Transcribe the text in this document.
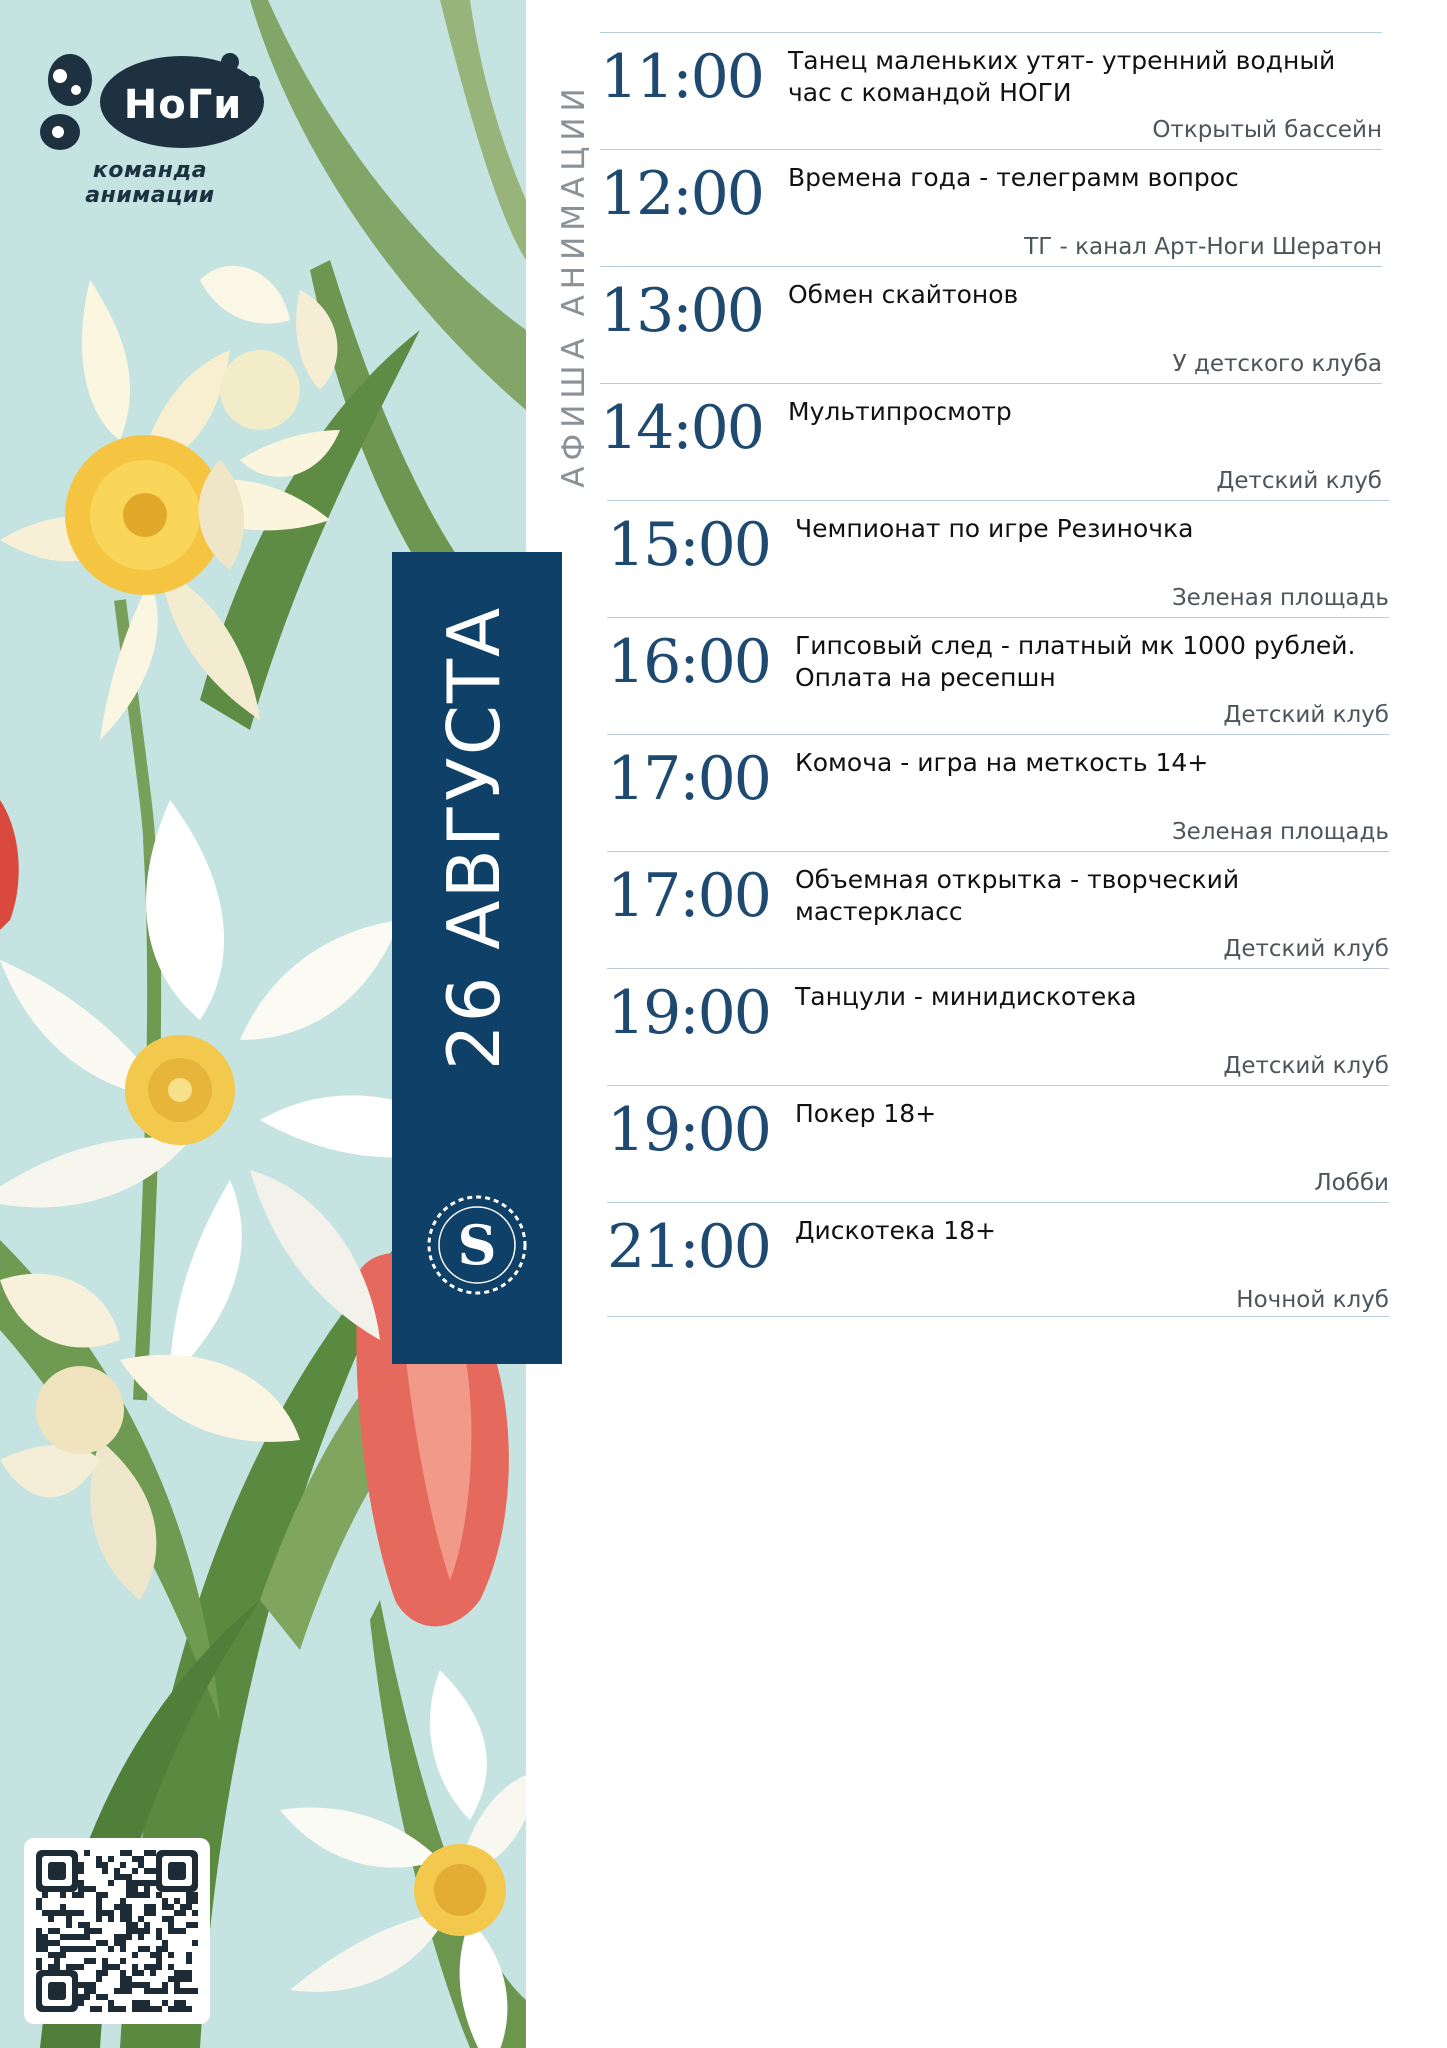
НоГи
команда анимации	АФИША АНИМАЦИИ
26 АВГУСТА
S
11:00 Танец маленьких утят- утренний водный
час с командой НОГИ
Открытый бассейн
12:00 Времена года - телеграмм вопрос
ТГ - канал Арт-Ноги Шератон
13:00 Обмен скайтонов
У детского клуба
14:00 Мультипросмотр
Детский клуб
15:00 Чемпионат по игре Резиночка
Зеленая площадь
16:00 Гипсовый след - платный мк 1000 рублей.
Оплата на ресепшн
Детский клуб
17:00 Комоча - игра на меткость 14+
Зеленая площадь
17:00 Объемная открытка - творческий
мастеркласс
Детский клуб
19:00 Танцули - минидискотека
Детский клуб
19:00 Покер 18+
Лобби
21:00 Дискотека 18+
Ночной клуб
